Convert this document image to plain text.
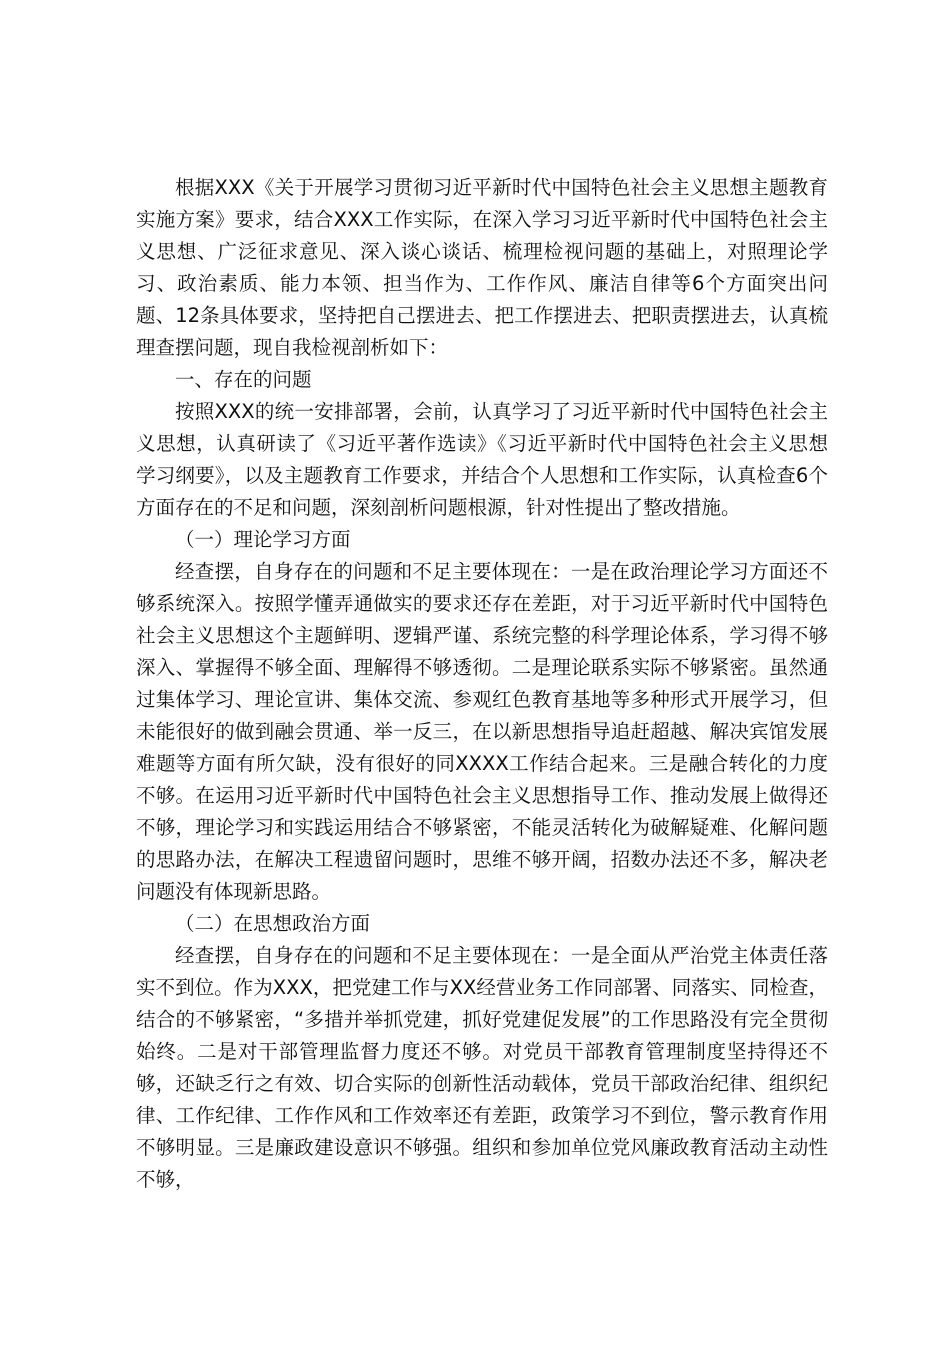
根据XXX《关于开展学习贯彻习近平新时代中国特色社会主义思想主题教育实施方案》要求，结合XXX工作实际，在深入学习习近平新时代中国特色社会主义思想、广泛征求意见、深入谈心谈话、梳理检视问题的基础上，对照理论学习、政治素质、能力本领、担当作为、工作作风、廉洁自律等6个方面突出问题、12条具体要求，坚持把自己摆进去、把工作摆进去、把职责摆进去，认真梳理查摆问题，现自我检视剖析如下：

一、存在的问题

按照XXX的统一安排部署，会前，认真学习了习近平新时代中国特色社会主义思想，认真研读了《习近平著作选读》《习近平新时代中国特色社会主义思想学习纲要》，以及主题教育工作要求，并结合个人思想和工作实际，认真检查6个方面存在的不足和问题，深刻剖析问题根源，针对性提出了整改措施。

（一）理论学习方面

经查摆，自身存在的问题和不足主要体现在：一是在政治理论学习方面还不够系统深入。按照学懂弄通做实的要求还存在差距，对于习近平新时代中国特色社会主义思想这个主题鲜明、逻辑严谨、系统完整的科学理论体系，学习得不够深入、掌握得不够全面、理解得不够透彻。二是理论联系实际不够紧密。虽然通过集体学习、理论宣讲、集体交流、参观红色教育基地等多种形式开展学习，但未能很好的做到融会贯通、举一反三，在以新思想指导追赶超越、解决宾馆发展难题等方面有所欠缺，没有很好的同XXXX工作结合起来。三是融合转化的力度不够。在运用习近平新时代中国特色社会主义思想指导工作、推动发展上做得还不够，理论学习和实践运用结合不够紧密，不能灵活转化为破解疑难、化解问题的思路办法，在解决工程遗留问题时，思维不够开阔，招数办法还不多，解决老问题没有体现新思路。

（二）在思想政治方面

经查摆，自身存在的问题和不足主要体现在：一是全面从严治党主体责任落实不到位。作为XXX，把党建工作与XX经营业务工作同部署、同落实、同检查，结合的不够紧密，“多措并举抓党建，抓好党建促发展”的工作思路没有完全贯彻始终。二是对干部管理监督力度还不够。对党员干部教育管理制度坚持得还不够，还缺乏行之有效、切合实际的创新性活动载体，党员干部政治纪律、组织纪律、工作纪律、工作作风和工作效率还有差距，政策学习不到位，警示教育作用不够明显。三是廉政建设意识不够强。组织和参加单位党风廉政教育活动主动性不够，
